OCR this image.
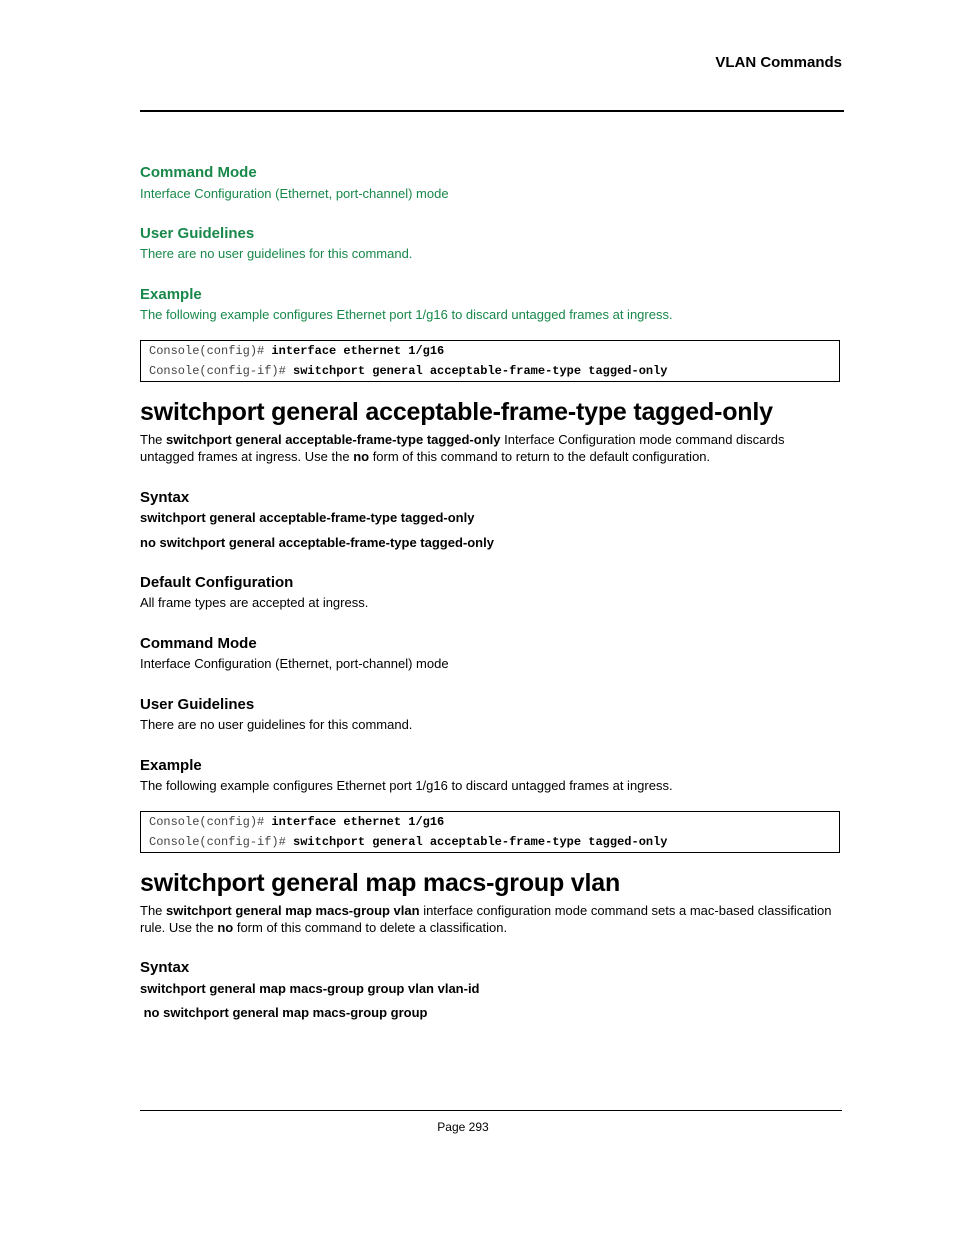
VLAN Commands
Command Mode
Interface Configuration (Ethernet, port-channel) mode
User Guidelines
There are no user guidelines for this command.
Example
The following example configures Ethernet port 1/g16 to discard untagged frames at ingress.
Console(config)# interface ethernet 1/g16
Console(config-if)# switchport general acceptable-frame-type tagged-only
switchport general acceptable-frame-type tagged-only
The switchport general acceptable-frame-type tagged-only Interface Configuration mode command discards untagged frames at ingress. Use the no form of this command to return to the default configuration.
Syntax
switchport general acceptable-frame-type tagged-only
no switchport general acceptable-frame-type tagged-only
Default Configuration
All frame types are accepted at ingress.
Command Mode
Interface Configuration (Ethernet, port-channel) mode
User Guidelines
There are no user guidelines for this command.
Example
The following example configures Ethernet port 1/g16 to discard untagged frames at ingress.
Console(config)# interface ethernet 1/g16
Console(config-if)# switchport general acceptable-frame-type tagged-only
switchport general map macs-group vlan
The switchport general map macs-group vlan interface configuration mode command sets a mac-based classification rule. Use the no form of this command to delete a classification.
Syntax
switchport general map macs-group group vlan vlan-id
no switchport general map macs-group group
Page 293
